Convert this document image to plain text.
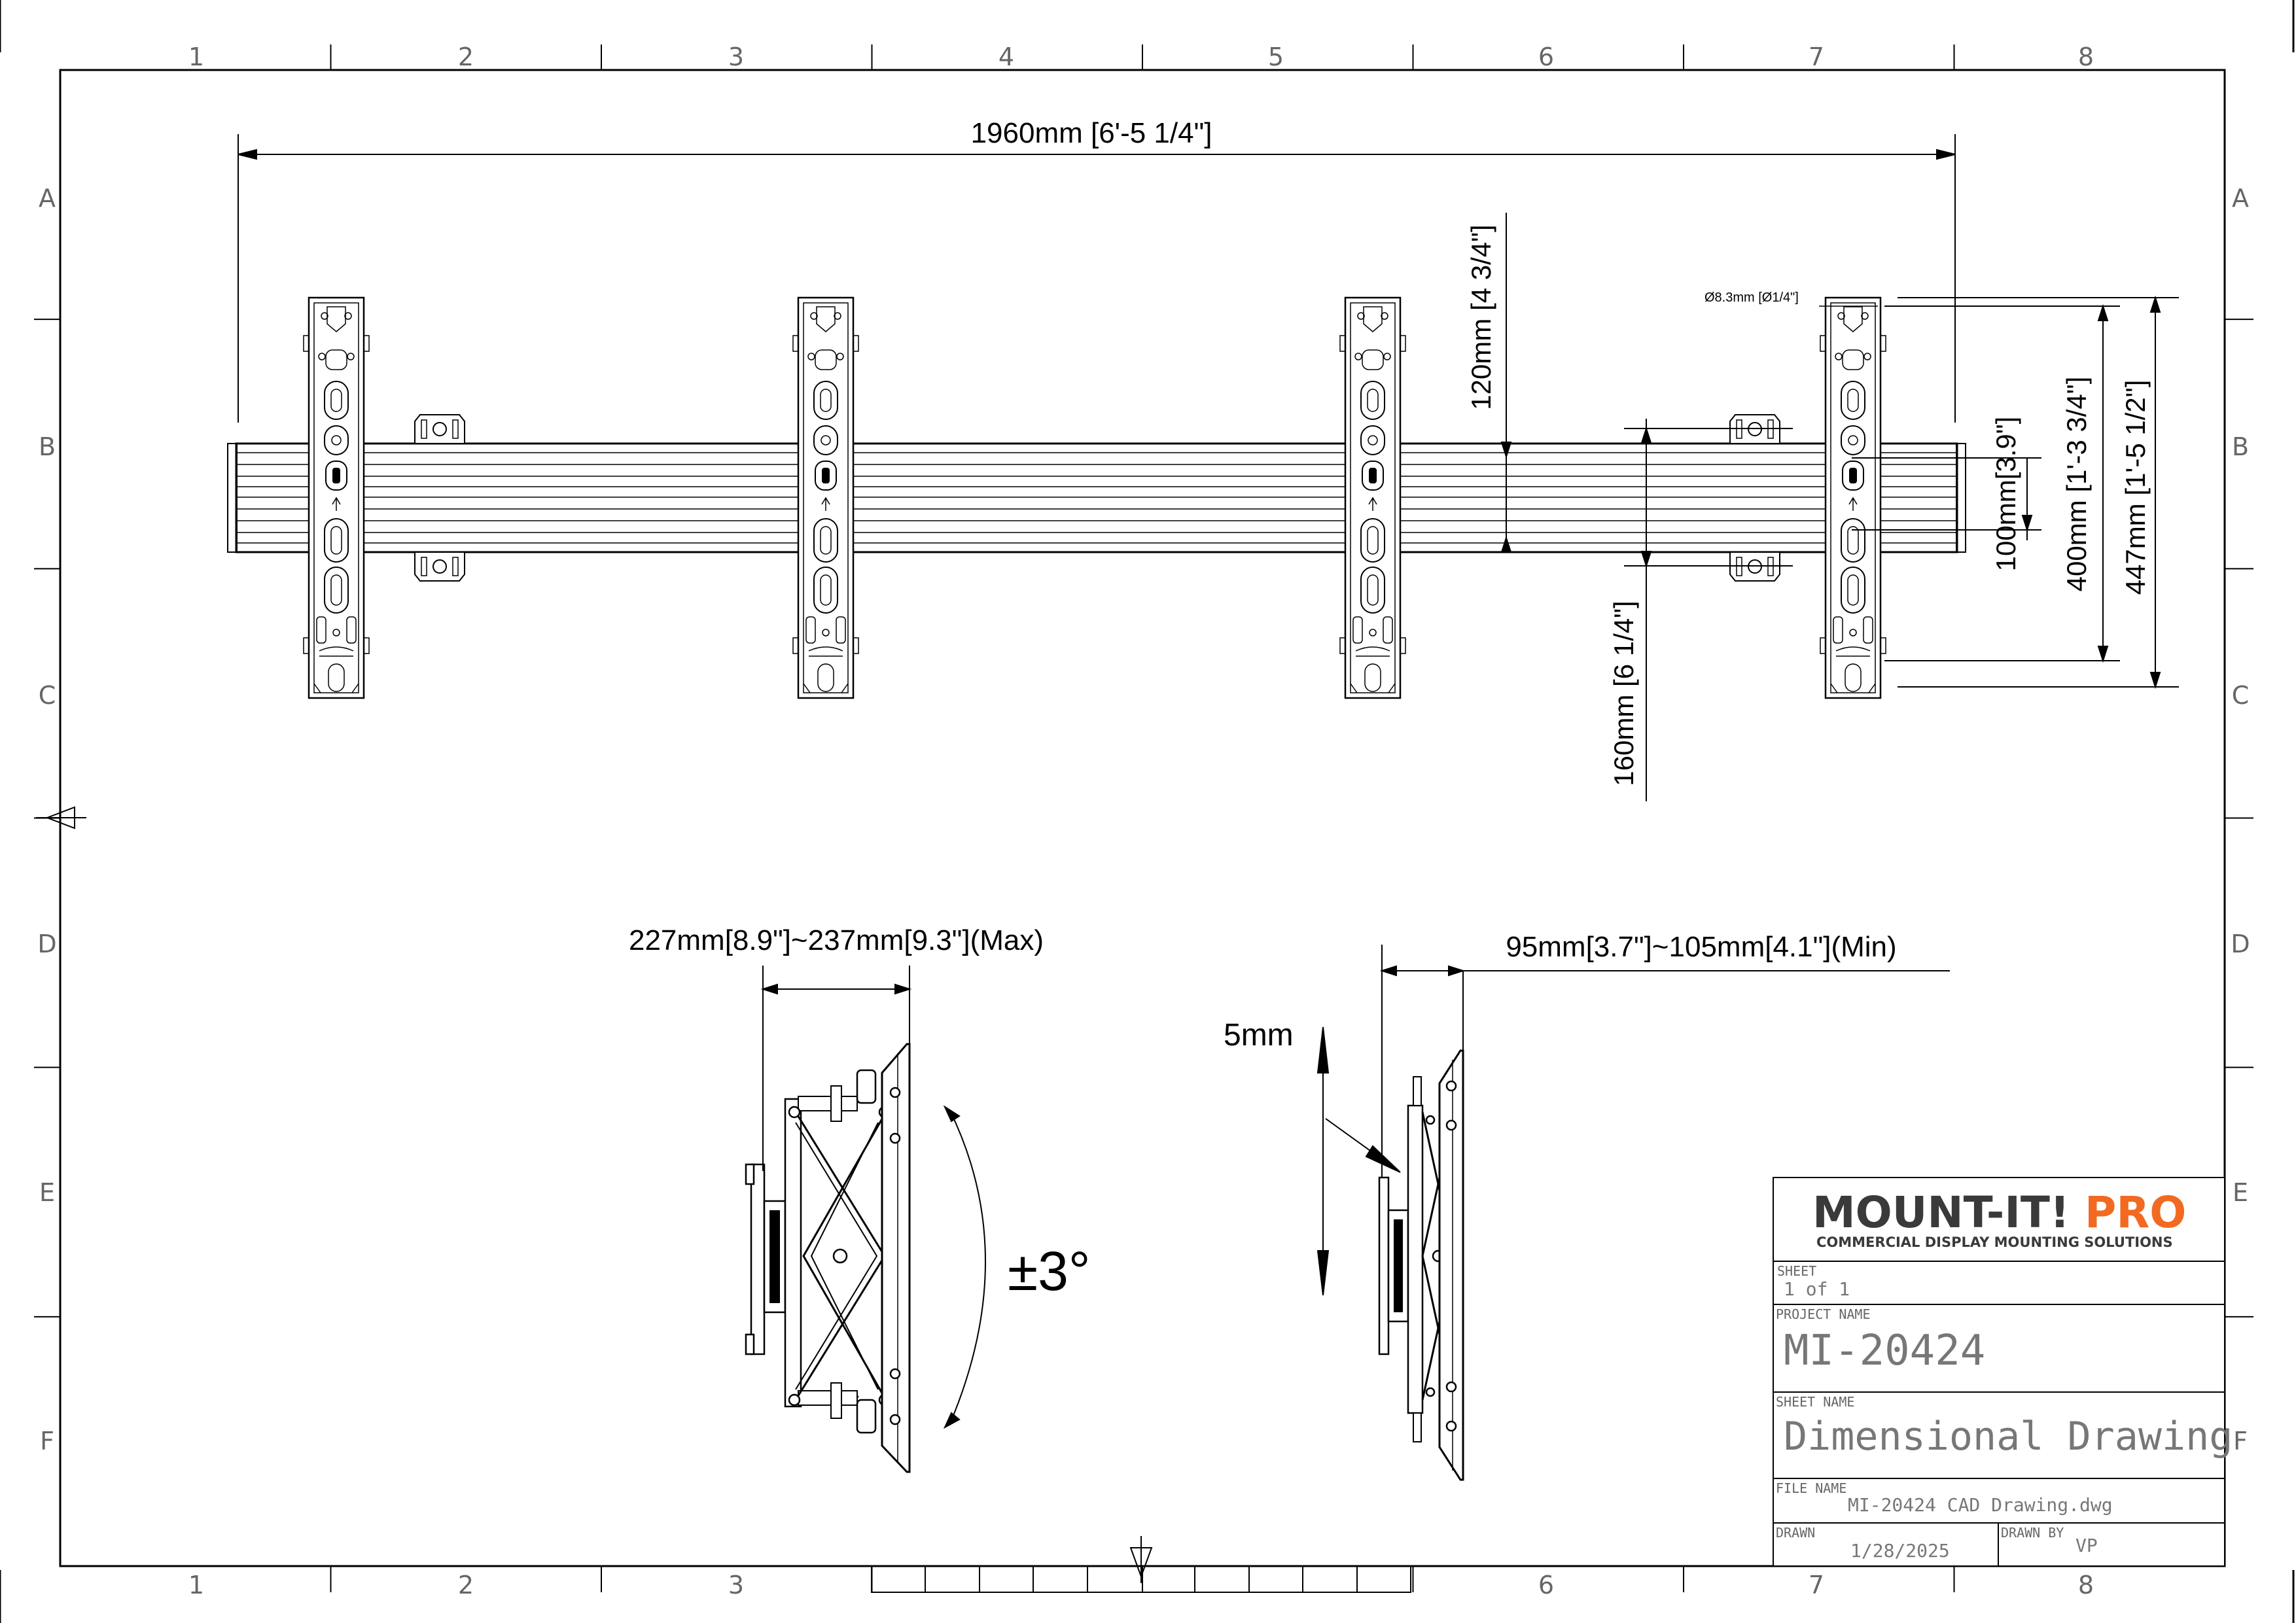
1	2	3	4	5	6	7	8
1	2	3	6	7	8
A
B
C
D
E
F
A
B
C
D
E
F
1960mm [6'-5 1/4"]
120mm [4 3/4"]	Ø8.3mm [Ø1/4"]
100mm[3.9"] 400mm [1'-3 3/4"] 447mm [1'-5 1/2"]
160mm [6 1/4"]
227mm[8.9"]~237mm[9.3"](Max)
±3°
95mm[3.7"]~105mm[4.1"](Min)
5mm
MOUNT-IT! PRO
COMMERCIAL DISPLAY MOUNTING SOLUTIONS
SHEET
1 of 1
PROJECT NAME
MI-20424
SHEET NAME
Dimensional Drawing
FILE NAME
MI-20424 CAD Drawing.dwg
DRAWN
1/28/2025
DRAWN BY
VP
